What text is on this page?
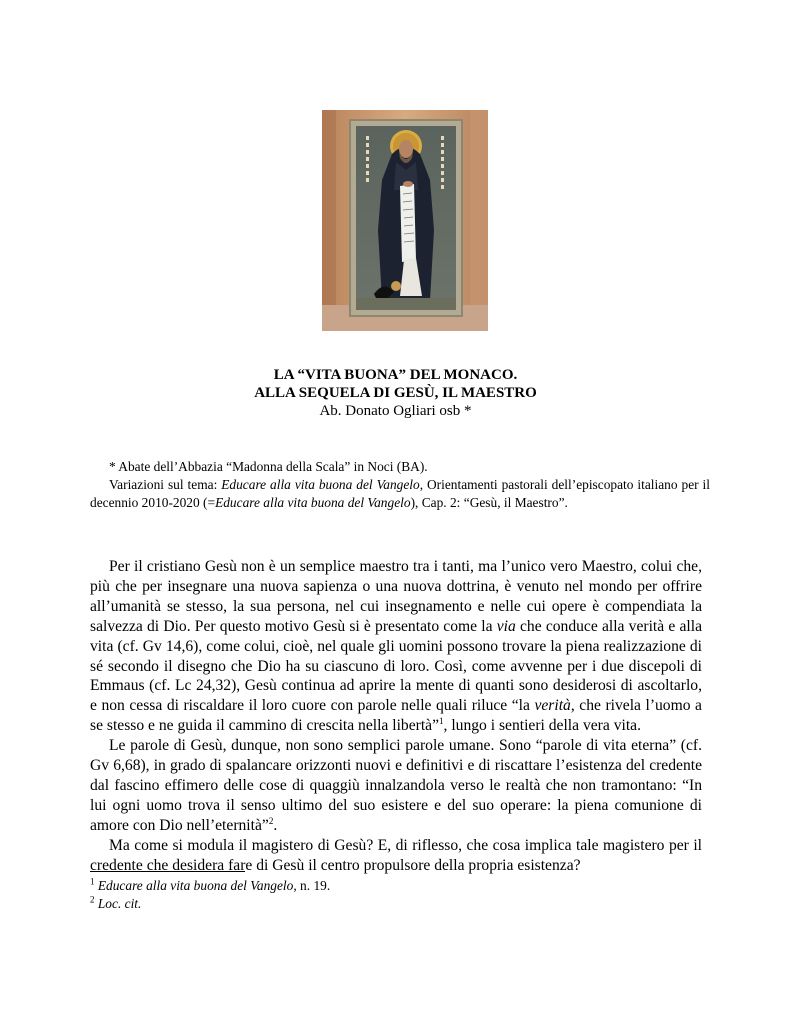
LA “VITA BUONA” DEL MONACO.
ALLA SEQUELA DI GESÙ, IL MAESTRO
Ab. Donato Ogliari osb *

* Abate dell’Abbazia “Madonna della Scala” in Noci (BA).

Variazioni sul tema: Educare alla vita buona del Vangelo, Orientamenti pastorali dell’episcopato italiano per il decennio 2010-2020 (=Educare alla vita buona del Vangelo), Cap. 2: “Gesù, il Maestro”.

Per il cristiano Gesù non è un semplice maestro tra i tanti, ma l’unico vero Maestro, colui che, più che per insegnare una nuova sapienza o una nuova dottrina, è venuto nel mondo per offrire all’umanità se stesso, la sua persona, nel cui insegnamento e nelle cui opere è compendiata la salvezza di Dio. Per questo motivo Gesù si è presentato come la via che conduce alla verità e alla vita (cf. Gv 14,6), come colui, cioè, nel quale gli uomini possono trovare la piena realizzazione di sé secondo il disegno che Dio ha su ciascuno di loro. Così, come avvenne per i due discepoli di Emmaus (cf. Lc 24,32), Gesù continua ad aprire la mente di quanti sono desiderosi di ascoltarlo, e non cessa di riscaldare il loro cuore con parole nelle quali riluce “la verità, che rivela l’uomo a se stesso e ne guida il cammino di crescita nella libertà”$^1$, lungo i sentieri della vera vita.

Le parole di Gesù, dunque, non sono semplici parole umane. Sono “parole di vita eterna” (cf. Gv 6,68), in grado di spalancare orizzonti nuovi e definitivi e di riscattare l’esistenza del credente dal fascino effimero delle cose di quaggiù innalzandola verso le realtà che non tramontano: “In lui ogni uomo trova il senso ultimo del suo esistere e del suo operare: la piena comunione di amore con Dio nell’eternità”$^2$.

Ma come si modula il magistero di Gesù? E, di riflesso, che cosa implica tale magistero per il credente che desidera fare di Gesù il centro propulsore della propria esistenza?

$^1$ Educare alla vita buona del Vangelo, n. 19.

$^2$ Loc. cit.
